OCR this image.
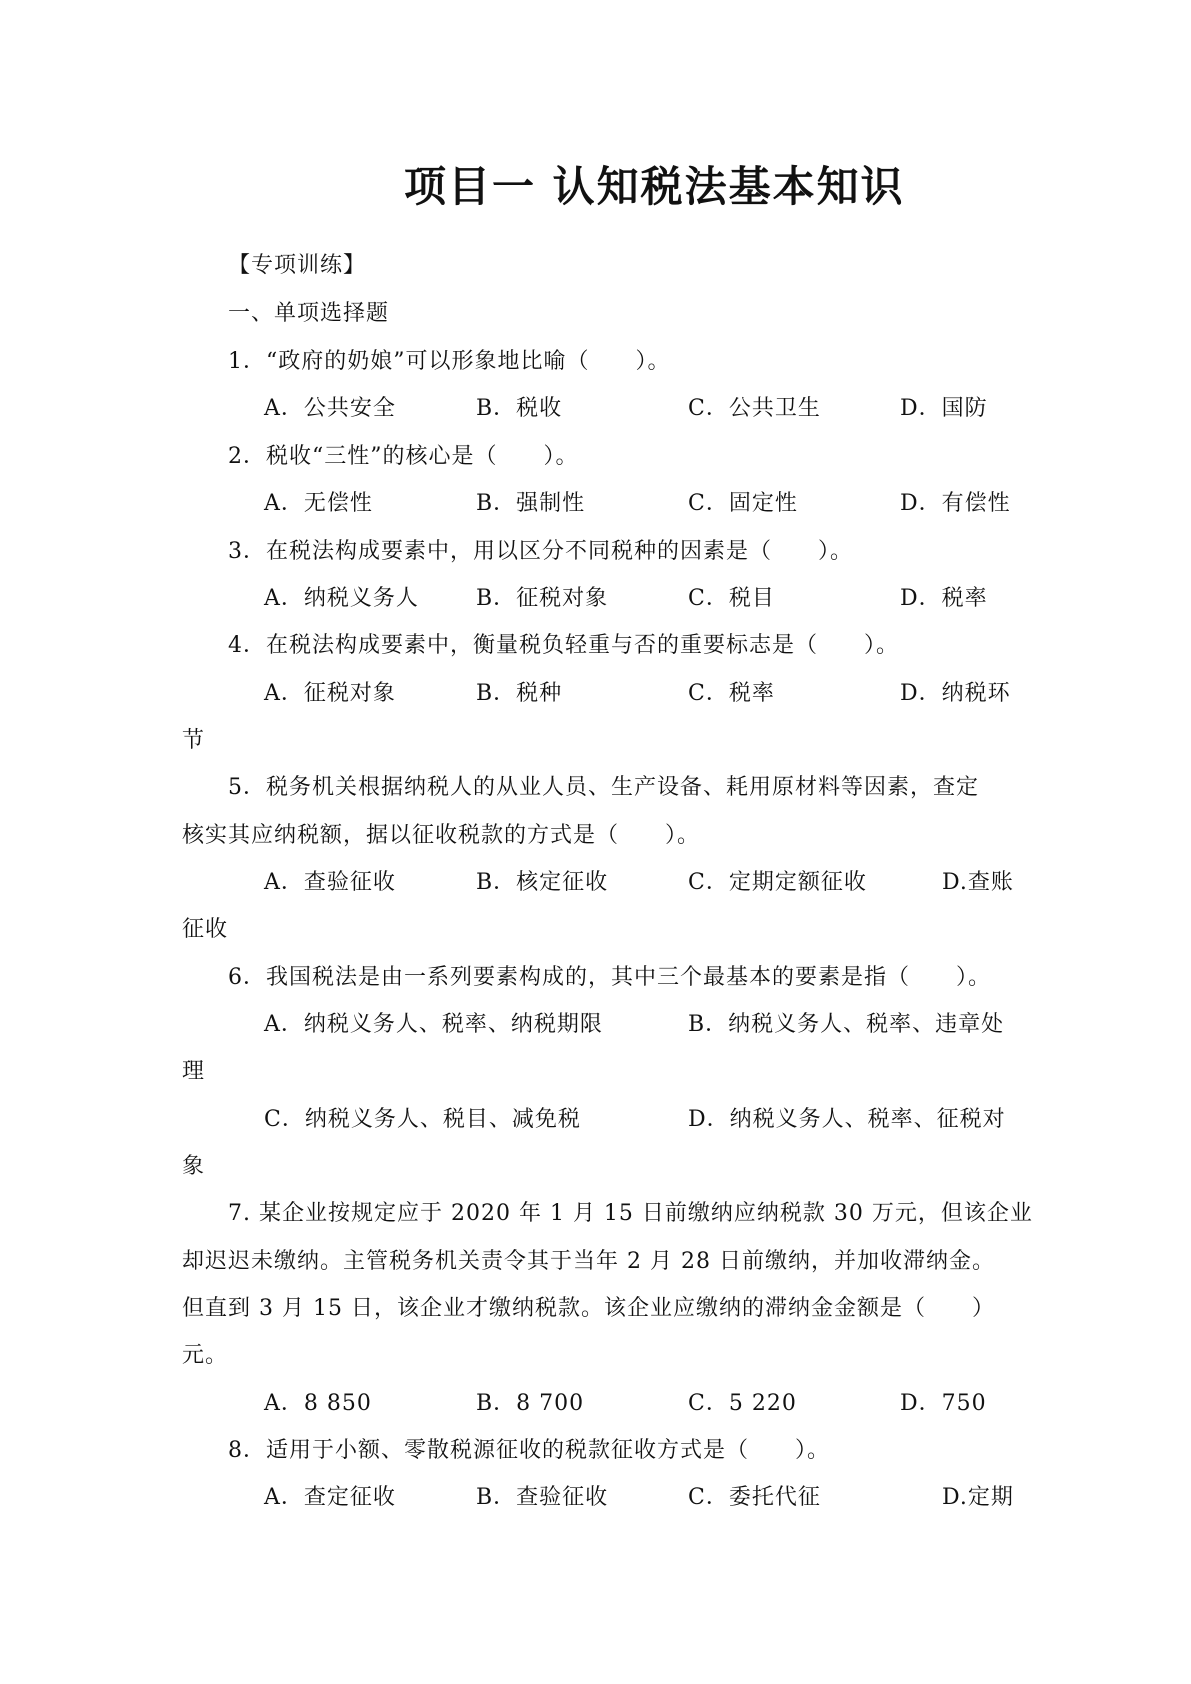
项目一 认知税法基本知识
【专项训练】
一、单项选择题
1．“政府的奶娘”可以形象地比喻（　　）。
A．公共安全	B．税收	C．公共卫生	D．国防
2．税收“三性”的核心是（　　）。
A．无偿性	B．强制性	C．固定性	D．有偿性
3．在税法构成要素中，用以区分不同税种的因素是（　　）。
A．纳税义务人	B．征税对象	C．税目	D．税率
4．在税法构成要素中，衡量税负轻重与否的重要标志是（　　）。
A．征税对象	B．税种	C．税率	D．纳税环
节
5．税务机关根据纳税人的从业人员、生产设备、耗用原材料等因素，查定
核实其应纳税额，据以征收税款的方式是（　　）。
A．查验征收	B．核定征收	C．定期定额征收	D.查账
征收
6．我国税法是由一系列要素构成的，其中三个最基本的要素是指（　　）。
A．纳税义务人、税率、纳税期限	B．纳税义务人、税率、违章处
理
C．纳税义务人、税目、减免税	D．纳税义务人、税率、征税对
象
7. 某企业按规定应于 2020 年 1 月 15 日前缴纳应纳税款 30 万元，但该企业
却迟迟未缴纳。主管税务机关责令其于当年 2 月 28 日前缴纳，并加收滞纳金。
但直到 3 月 15 日，该企业才缴纳税款。该企业应缴纳的滞纳金金额是（　　）
元。
A．8 850	B．8 700	C．5 220	D．750
8．适用于小额、零散税源征收的税款征收方式是（　　）。
A．查定征收	B．查验征收	C．委托代征	D.定期
